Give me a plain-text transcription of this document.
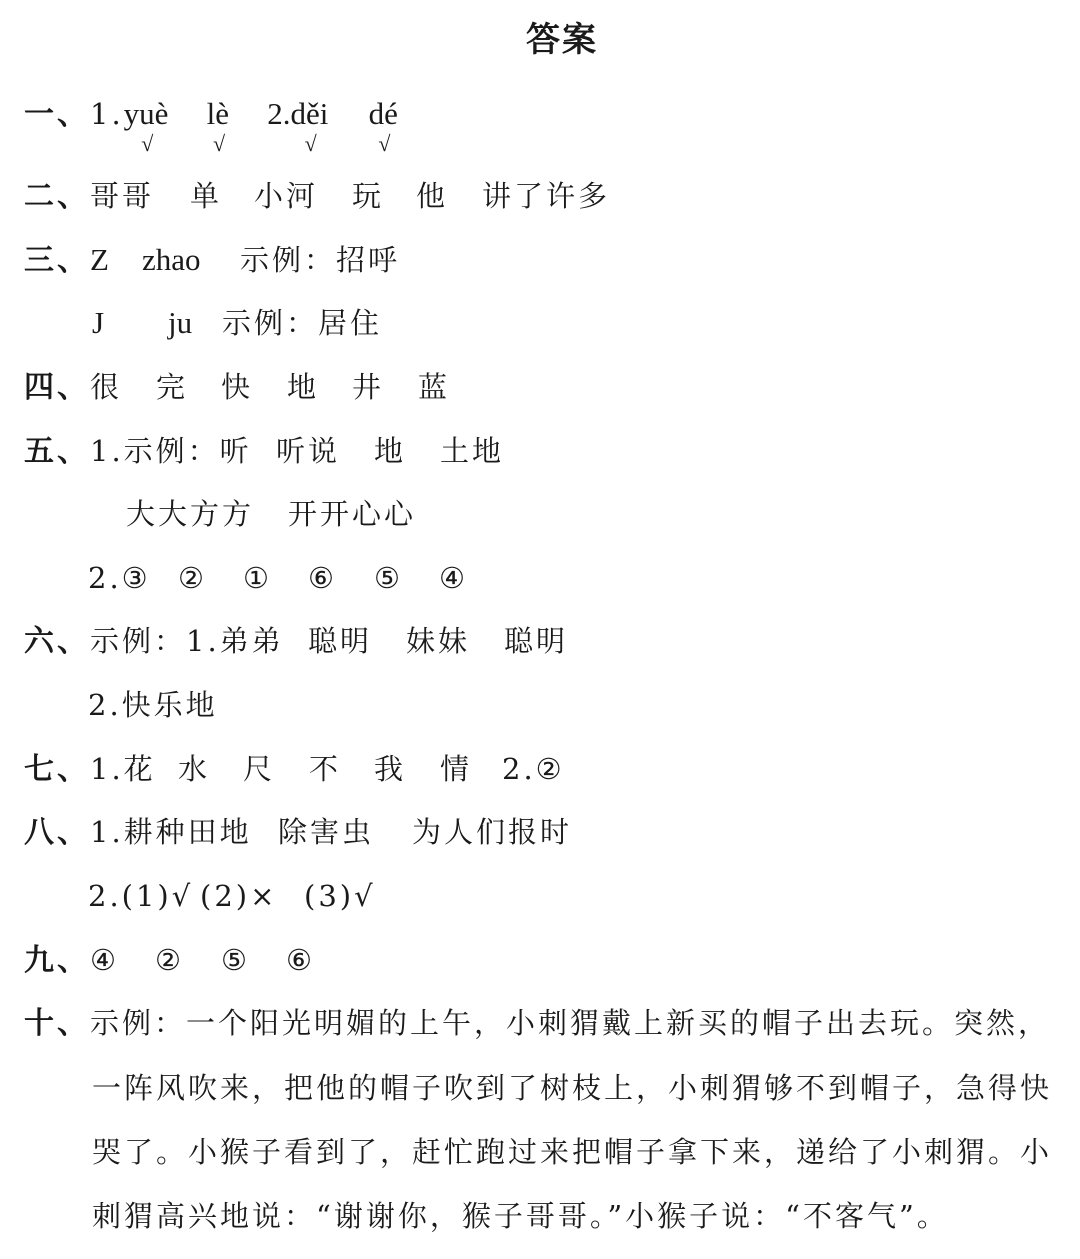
答案
一、1.yuè
√
lè
√
2.děi
√
dé
√
二、哥哥 单 小河 玩 他 讲了许多
三、Z zhao 示例：招呼
J ju 示例：居住
四、很 完 快 地 井 蓝
五、1.示例：听 听说 地 土地
大大方方 开开心心
2.③ ② ① ⑥ ⑤ ④
六、示例：1.弟弟 聪明 妹妹 聪明
2.快乐地
七、1.花 水 尺 不 我 情 2.②
八、1.耕种田地 除害虫 为人们报时
2.(1)√ (2)× (3)√
九、④ ② ⑤ ⑥
十、示例：一个阳光明媚的上午，小刺猬戴上新买的帽子出去玩。突然，
一阵风吹来，把他的帽子吹到了树枝上，小刺猬够不到帽子，急得快
哭了。小猴子看到了，赶忙跑过来把帽子拿下来，递给了小刺猬。小
刺猬高兴地说：“谢谢你，猴子哥哥。”小猴子说：“不客气”。
